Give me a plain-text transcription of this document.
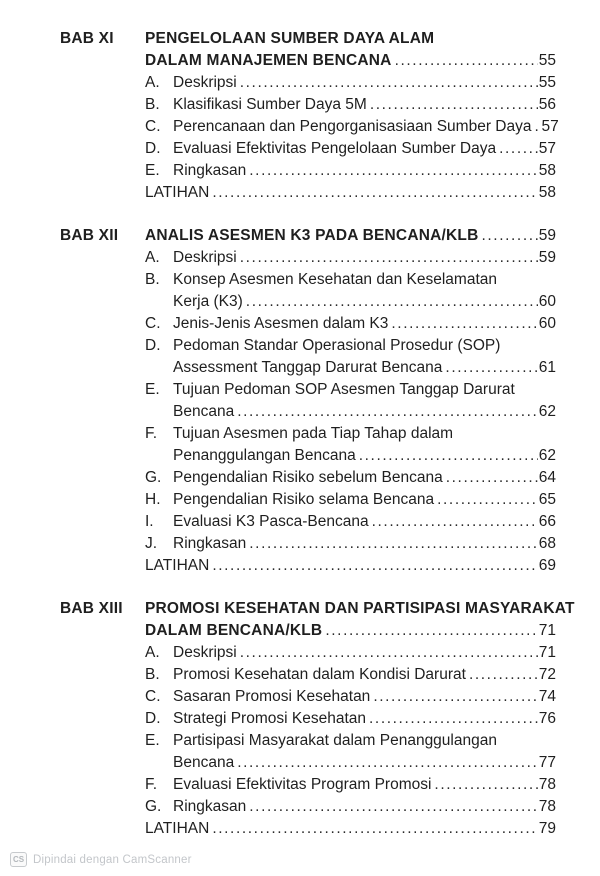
BAB XI	PENGELOLAAN SUMBER DAYA ALAM
DALAM MANAJEMEN BENCANA .....	55
A. Deskripsi .....	55
B. Klasifikasi Sumber Daya 5M .....	56
C. Perencanaan dan Pengorganisasiaan Sumber Daya ..... 57
D. Evaluasi Efektivitas Pengelolaan Sumber Daya .....	57
E. Ringkasan .....	58
LATIHAN .....	58
BAB XII	ANALIS ASESMEN K3 PADA BENCANA/KLB .....	59
A. Deskripsi .....	59
B. Konsep Asesmen Kesehatan dan Keselamatan
Kerja (K3) .....	60
C. Jenis-Jenis Asesmen dalam K3 .....	60
D. Pedoman Standar Operasional Prosedur (SOP)
Assessment Tanggap Darurat Bencana .....	61
E. Tujuan Pedoman SOP Asesmen Tanggap Darurat
Bencana .....	62
F.	Tujuan Asesmen pada Tiap Tahap dalam
Penanggulangan Bencana .....	62
G. Pengendalian Risiko sebelum Bencana .....	64
H. Pengendalian Risiko selama Bencana .....	65
I.	Evaluasi K3 Pasca-Bencana .....	66
J.	Ringkasan .....	68
LATIHAN .....	69
BAB XIII	PROMOSI KESEHATAN DAN PARTISIPASI MASYARAKAT
DALAM BENCANA/KLB .....	71
A. Deskripsi .....	71
B. Promosi Kesehatan dalam Kondisi Darurat .....	72
C. Sasaran Promosi Kesehatan .....	74
D. Strategi Promosi Kesehatan .....	76
E. Partisipasi Masyarakat dalam Penanggulangan
Bencana .....	77
F.	Evaluasi Efektivitas Program Promosi .....	78
G. Ringkasan .....	78
LATIHAN .....	79
CS Dipindai dengan CamScanner
